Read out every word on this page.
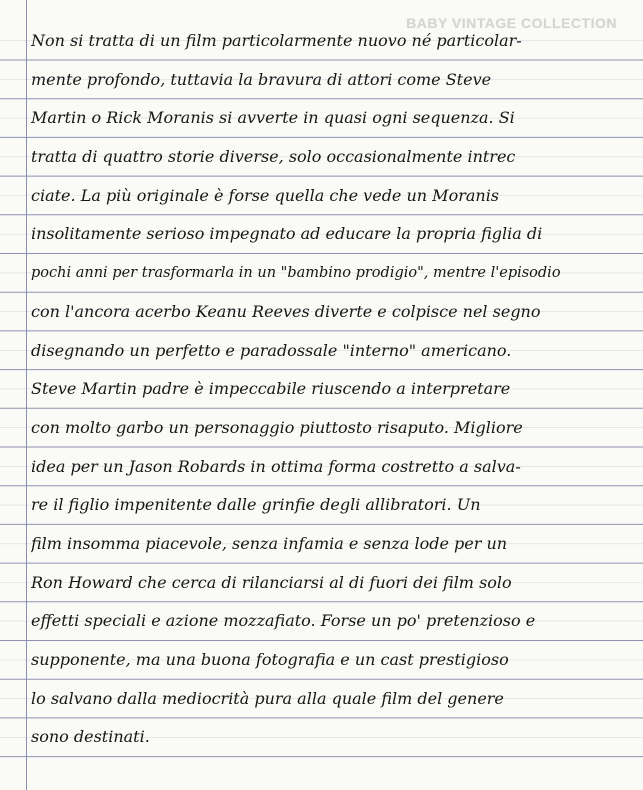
BABY VINTAGE COLLECTION
Non si tratta di un film particolarmente nuovo né particolar-
mente profondo, tuttavia la bravura di attori come Steve
Martin o Rick Moranis si avverte in quasi ogni sequenza. Si
tratta di quattro storie diverse, solo occasionalmente intrec
ciate. La più originale è forse quella che vede un Moranis
insolitamente serioso impegnato ad educare la propria figlia di
pochi anni per trasformarla in un "bambino prodigio", mentre l'episodio
con l'ancora acerbo Keanu Reeves diverte e colpisce nel segno
disegnando un perfetto e paradossale "interno" americano.
Steve Martin padre è impeccabile riuscendo a interpretare
con molto garbo un personaggio piuttosto risaputo. Migliore
idea per un Jason Robards in ottima forma costretto a salva-
re il figlio impenitente dalle grinfie degli allibratori. Un
film insomma piacevole, senza infamia e senza lode per un
Ron Howard che cerca di rilanciarsi al di fuori dei film solo
effetti speciali e azione mozzafiato. Forse un po' pretenzioso e
supponente, ma una buona fotografia e un cast prestigioso
lo salvano dalla mediocrità pura alla quale film del genere
sono destinati.
